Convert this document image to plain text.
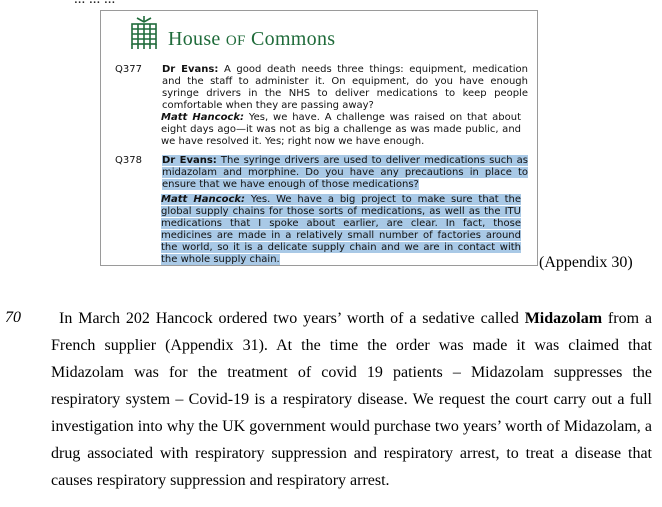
House OF Commons
Q377 Dr Evans: A good death needs three things: equipment, medication and the staff to administer it. On equipment, do you have enough syringe drivers in the NHS to deliver medications to keep people comfortable when they are passing away?
Matt Hancock: Yes, we have. A challenge was raised on that about eight days ago—it was not as big a challenge as was made public, and we have resolved it. Yes; right now we have enough.
Q378 Dr Evans: The syringe drivers are used to deliver medications such as midazolam and morphine. Do you have any precautions in place to ensure that we have enough of those medications?
Matt Hancock: Yes. We have a big project to make sure that the global supply chains for those sorts of medications, as well as the ITU medications that I spoke about earlier, are clear. In fact, those medicines are made in a relatively small number of factories around the world, so it is a delicate supply chain and we are in contact with the whole supply chain.	(Appendix 30)
70	In March 202 Hancock ordered two years’ worth of a sedative called Midazolam from a French supplier (Appendix 31). At the time the order was made it was claimed that Midazolam was for the treatment of covid 19 patients – Midazolam suppresses the respiratory system – Covid-19 is a respiratory disease. We request the court carry out a full investigation into why the UK government would purchase two years’ worth of Midazolam, a drug associated with respiratory suppression and respiratory arrest, to treat a disease that causes respiratory suppression and respiratory arrest.
